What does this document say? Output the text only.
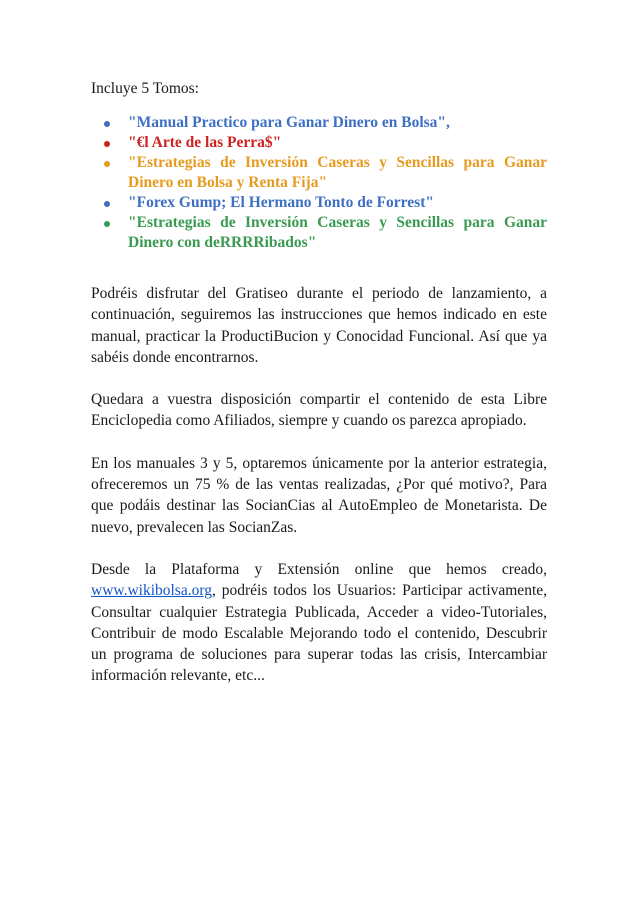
Incluye 5 Tomos:

"Manual Practico para Ganar Dinero en Bolsa",
"€l Arte de las Perra$"
"Estrategias de Inversión Caseras y Sencillas para Ganar Dinero en Bolsa y Renta Fija"
"Forex Gump; El Hermano Tonto de Forrest"
"Estrategias de Inversión Caseras y Sencillas para Ganar Dinero con deRRRRibados"

Podréis disfrutar del Gratiseo durante el periodo de lanzamiento, a continuación, seguiremos las instrucciones que hemos indicado en este manual, practicar la ProductiBucion y Conocidad Funcional. Así que ya sabéis donde encontrarnos.

Quedara a vuestra disposición compartir el contenido de esta Libre Enciclopedia como Afiliados, siempre y cuando os parezca apropiado.

En los manuales 3 y 5, optaremos únicamente por la anterior estrategia, ofreceremos un 75 % de las ventas realizadas, ¿Por qué motivo?, Para que podáis destinar las SocianCias al AutoEmpleo de Monetarista. De nuevo, prevalecen las SocianZas.

Desde la Plataforma y Extensión online que hemos creado, www.wikibolsa.org, podréis todos los Usuarios: Participar activamente, Consultar cualquier Estrategia Publicada, Acceder a video-Tutoriales, Contribuir de modo Escalable Mejorando todo el contenido, Descubrir un programa de soluciones para superar todas las crisis, Intercambiar información relevante, etc...
